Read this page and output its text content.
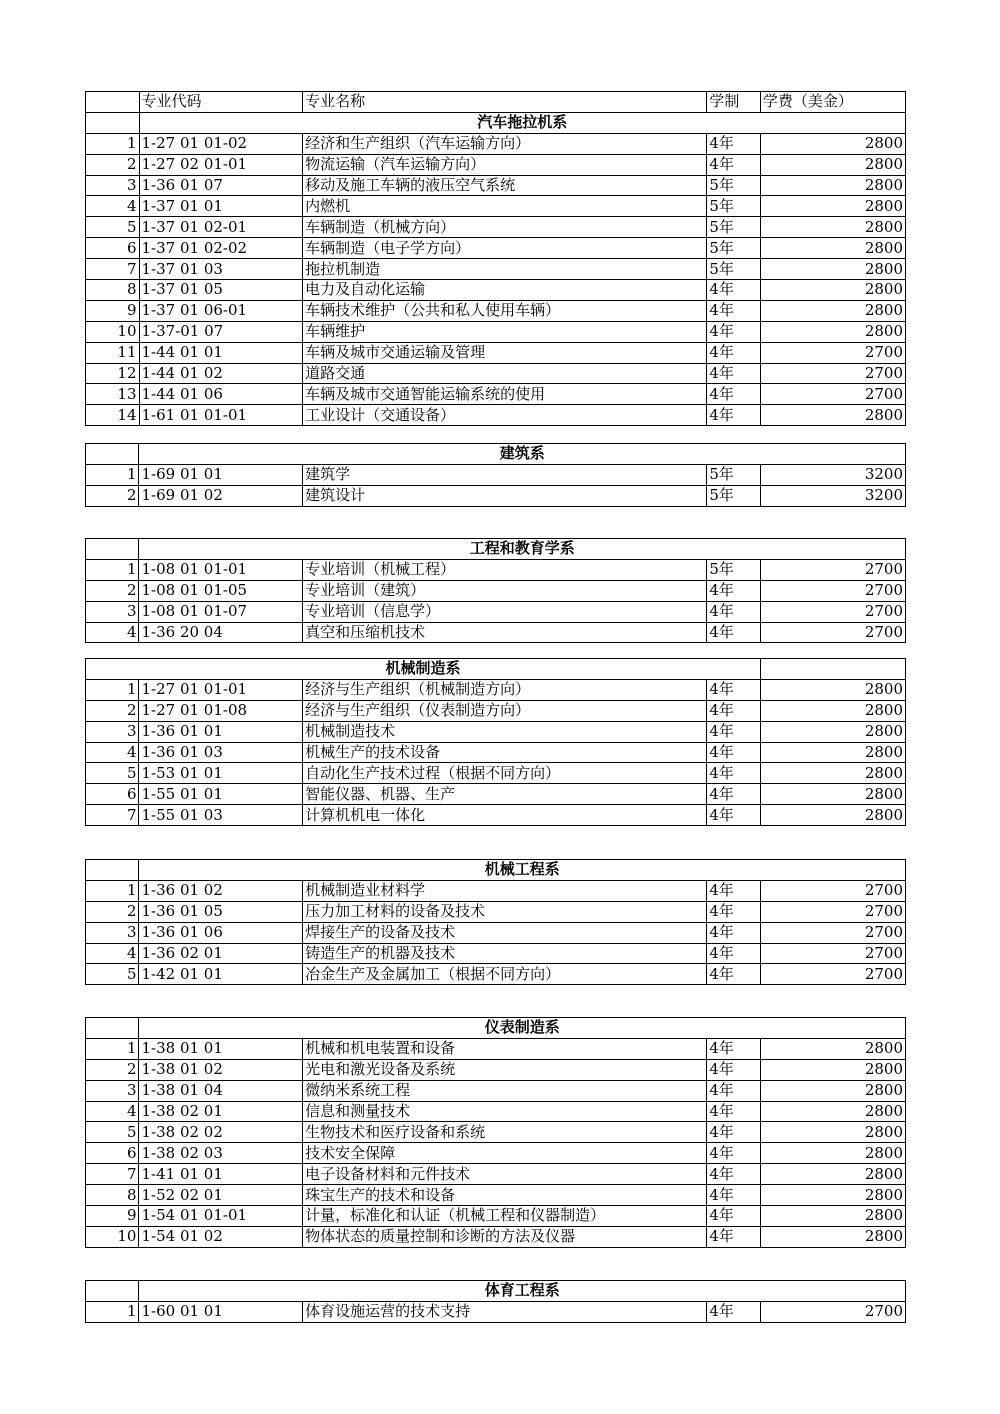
	专业代码	专业名称	学制	学费（美金）
	汽车拖拉机系			
1	1-27 01 01-02	经济和生产组织（汽车运输方向）	4年	2800
2	1-27 02 01-01	物流运输（汽车运输方向）	4年	2800
3	1-36 01 07	移动及施工车辆的液压空气系统	5年	2800
4	1-37 01 01	内燃机	5年	2800
5	1-37 01 02-01	车辆制造（机械方向）	5年	2800
6	1-37 01 02-02	车辆制造（电子学方向）	5年	2800
7	1-37 01 03	拖拉机制造	5年	2800
8	1-37 01 05	电力及自动化运输	4年	2800
9	1-37 01 06-01	车辆技术维护（公共和私人使用车辆）	4年	2800
10	1-37-01 07	车辆维护	4年	2800
11	1-44 01 01	车辆及城市交通运输及管理	4年	2700
12	1-44 01 02	道路交通	4年	2700
13	1-44 01 06	车辆及城市交通智能运输系统的使用	4年	2700
14	1-61 01 01-01	工业设计（交通设备）	4年	2800
	建筑系			
1	1-69 01 01	建筑学	5年	3200
2	1-69 01 02	建筑设计	5年	3200
	工程和教育学系			
1	1-08 01 01-01	专业培训（机械工程）	5年	2700
2	1-08 01 01-05	专业培训（建筑）	4年	2700
3	1-08 01 01-07	专业培训（信息学）	4年	2700
4	1-36 20 04	真空和压缩机技术	4年	2700
机械制造系				
1	1-27 01 01-01	经济与生产组织（机械制造方向）	4年	2800
2	1-27 01 01-08	经济与生产组织（仪表制造方向）	4年	2800
3	1-36 01 01	机械制造技术	4年	2800
4	1-36 01 03	机械生产的技术设备	4年	2800
5	1-53 01 01	自动化生产技术过程（根据不同方向）	4年	2800
6	1-55 01 01	智能仪器、机器、生产	4年	2800
7	1-55 01 03	计算机机电一体化	4年	2800
	机械工程系			
1	1-36 01 02	机械制造业材料学	4年	2700
2	1-36 01 05	压力加工材料的设备及技术	4年	2700
3	1-36 01 06	焊接生产的设备及技术	4年	2700
4	1-36 02 01	铸造生产的机器及技术	4年	2700
5	1-42 01 01	冶金生产及金属加工（根据不同方向）	4年	2700
	仪表制造系			
1	1-38 01 01	机械和机电装置和设备	4年	2800
2	1-38 01 02	光电和激光设备及系统	4年	2800
3	1-38 01 04	微纳米系统工程	4年	2800
4	1-38 02 01	信息和测量技术	4年	2800
5	1-38 02 02	生物技术和医疗设备和系统	4年	2800
6	1-38 02 03	技术安全保障	4年	2800
7	1-41 01 01	电子设备材料和元件技术	4年	2800
8	1-52 02 01	珠宝生产的技术和设备	4年	2800
9	1-54 01 01-01	计量，标准化和认证（机械工程和仪器制造）	4年	2800
10	1-54 01 02	物体状态的质量控制和诊断的方法及仪器	4年	2800
	体育工程系			
1	1-60 01 01	体育设施运营的技术支持	4年	2700
